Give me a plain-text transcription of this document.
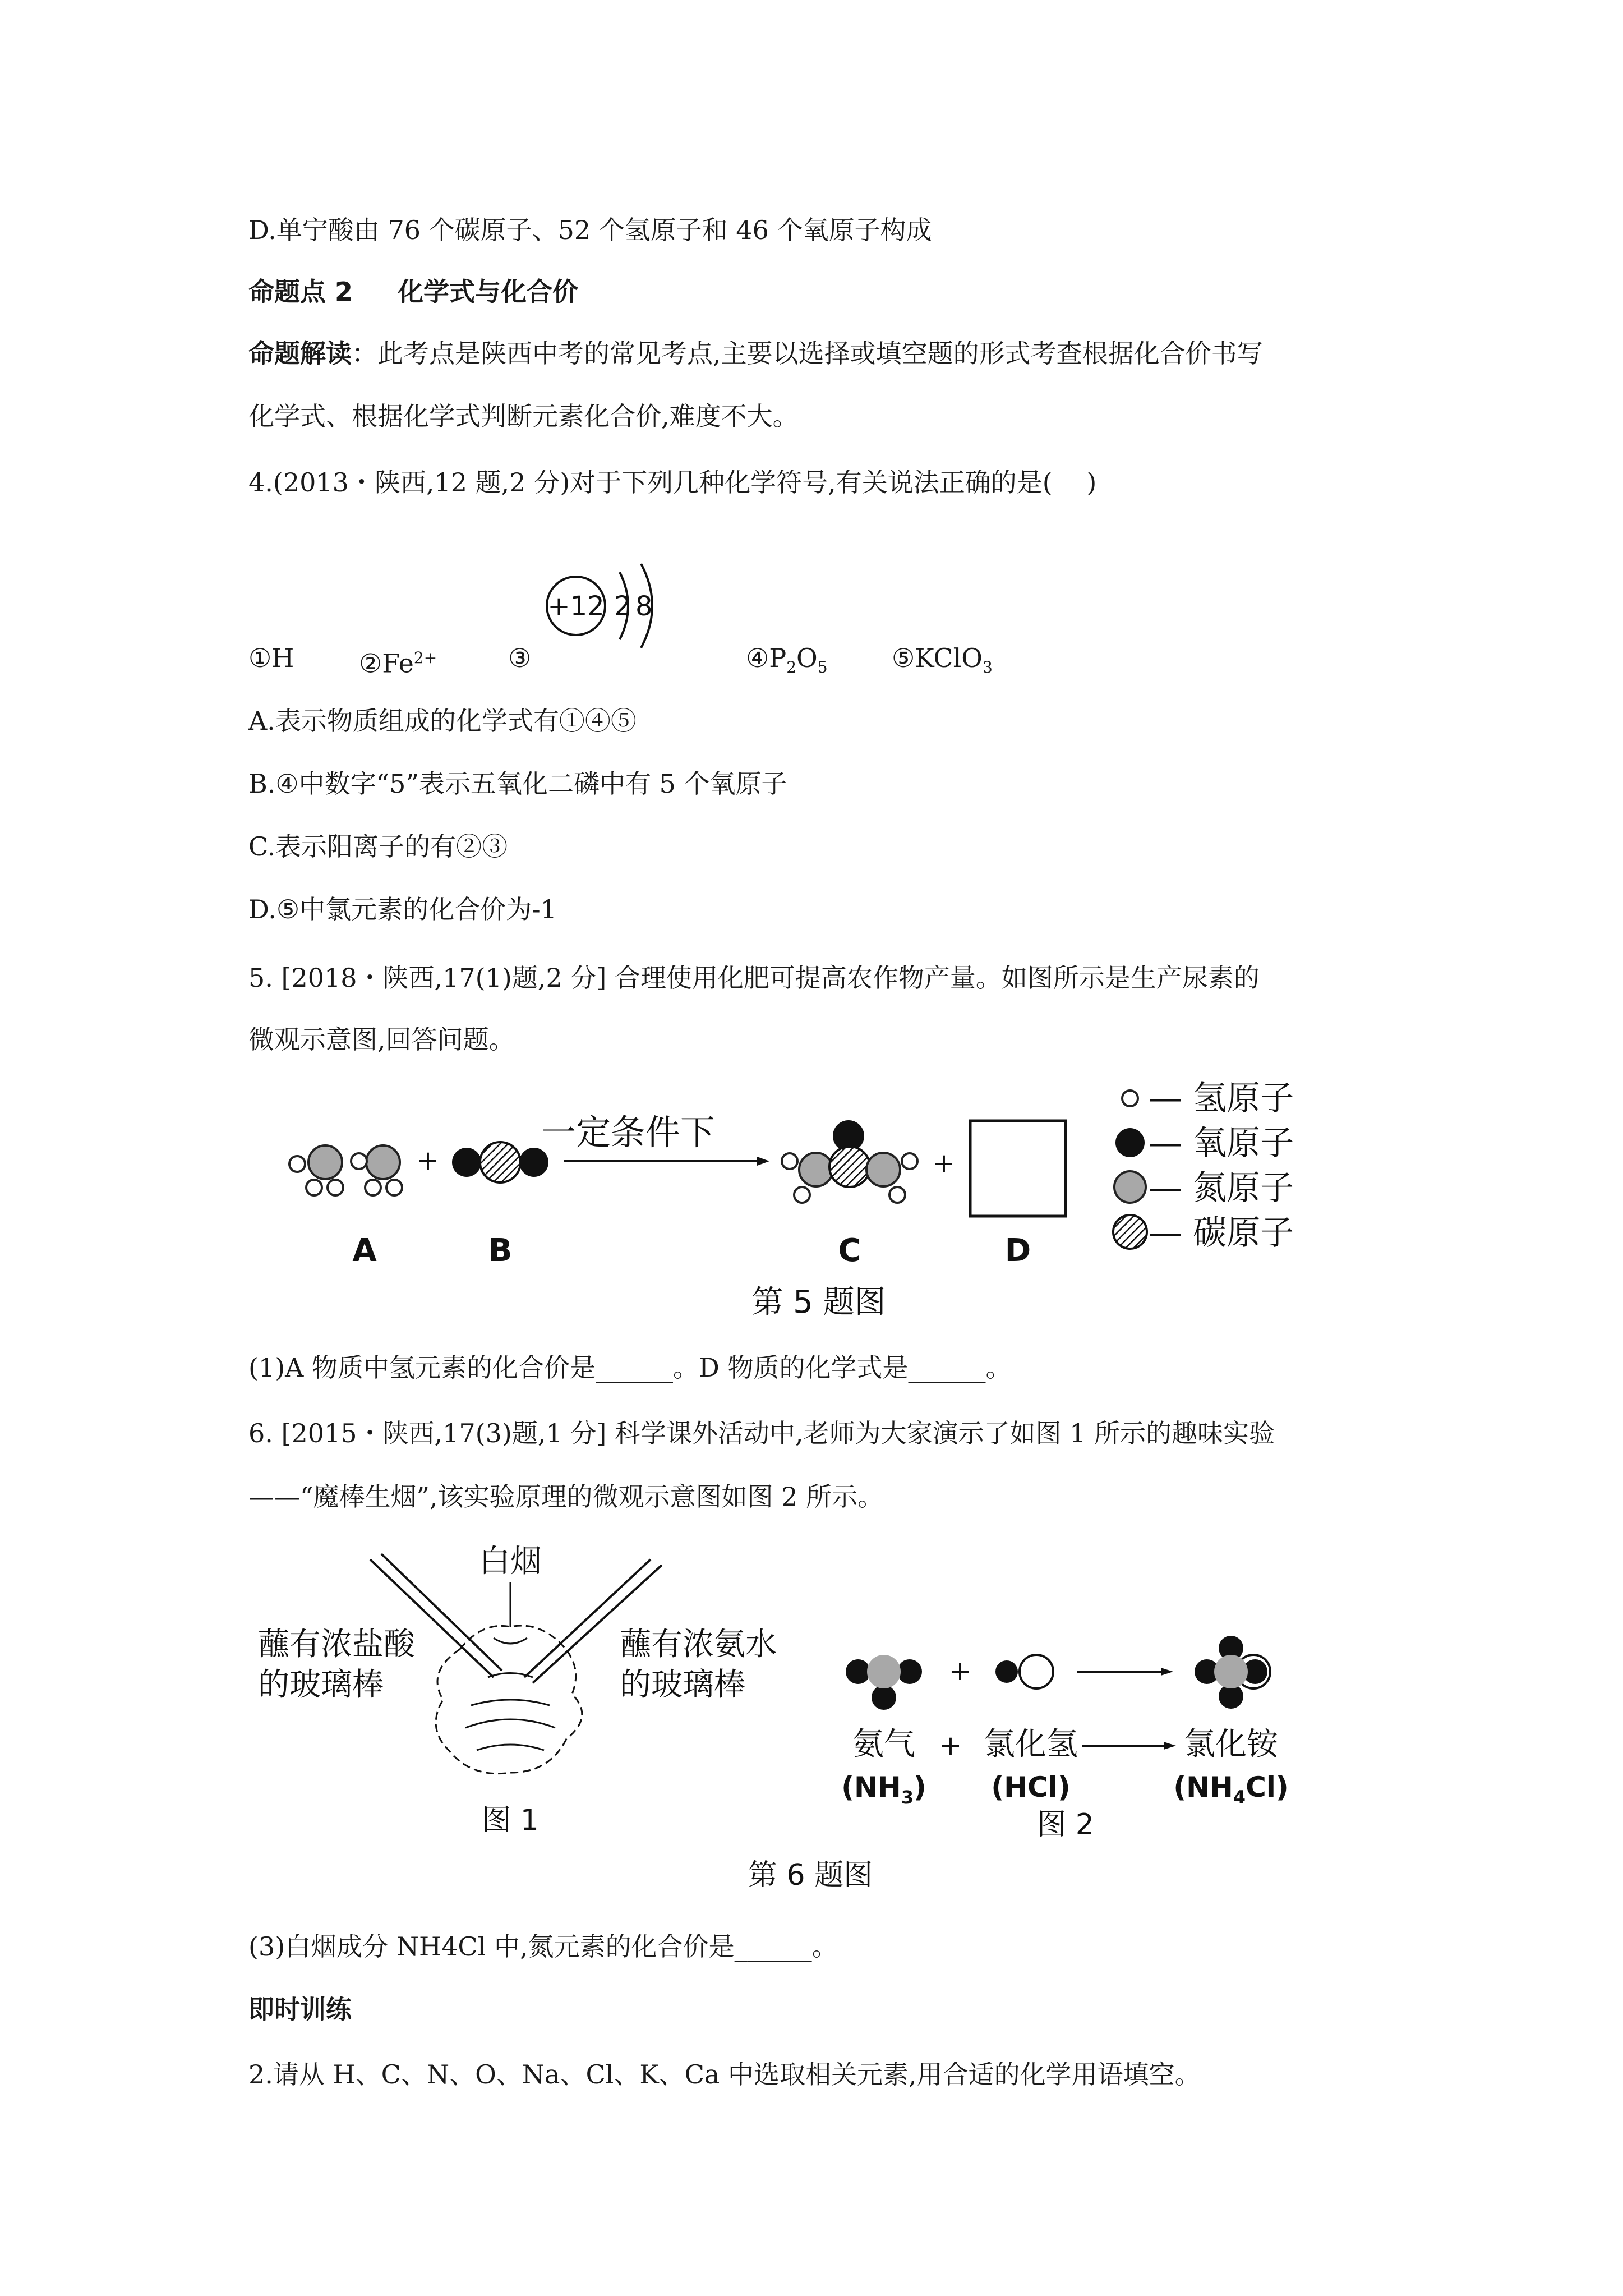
D.单宁酸由 76 个碳原子、52 个氢原子和 46 个氧原子构成
命题点 2 化学式与化合价
命题解读：此考点是陕西中考的常见考点,主要以选择或填空题的形式考查根据化合价书写
化学式、根据化学式判断元素化合价,难度不大。
4.(2013・陕西,12 题,2 分)对于下列几种化学符号,有关说法正确的是(　 )
+12 2 8
①H	$②Fe^{2+}$	③	$④P_2O_5$ ⑤KClO$_3$
A.表示物质组成的化学式有①④⑤
B.④中数字“5”表示五氧化二磷中有 5 个氧原子
C.表示阳离子的有②③
D.⑤中氯元素的化合价为-1
5. [2018・陕西,17(1)题,2 分] 合理使用化肥可提高农作物产量。如图所示是生产尿素的
微观示意图,回答问题。
+
一定条件下
+
A	B	C	D
— 氢原子
— 氧原子
— 氮原子
— 碳原子
第 5 题图
(1)A 物质中氢元素的化合价是______。D 物质的化学式是______。
6. [2015・陕西,17(3)题,1 分] 科学课外活动中,老师为大家演示了如图 1 所示的趣味实验
——“魔棒生烟”,该实验原理的微观示意图如图 2 所示。
白烟
蘸有浓盐酸
的玻璃棒
蘸有浓氨水
的玻璃棒
图 1
+
氨气 + 氯化氢	氯化铵
$(NH_3)$ (HCl)	$(NH_4Cl)$
图 2
第 6 题图
(3)白烟成分 NH4Cl 中,氮元素的化合价是______。
即时训练
2.请从 H、C、N、O、Na、Cl、K、Ca 中选取相关元素,用合适的化学用语填空。
